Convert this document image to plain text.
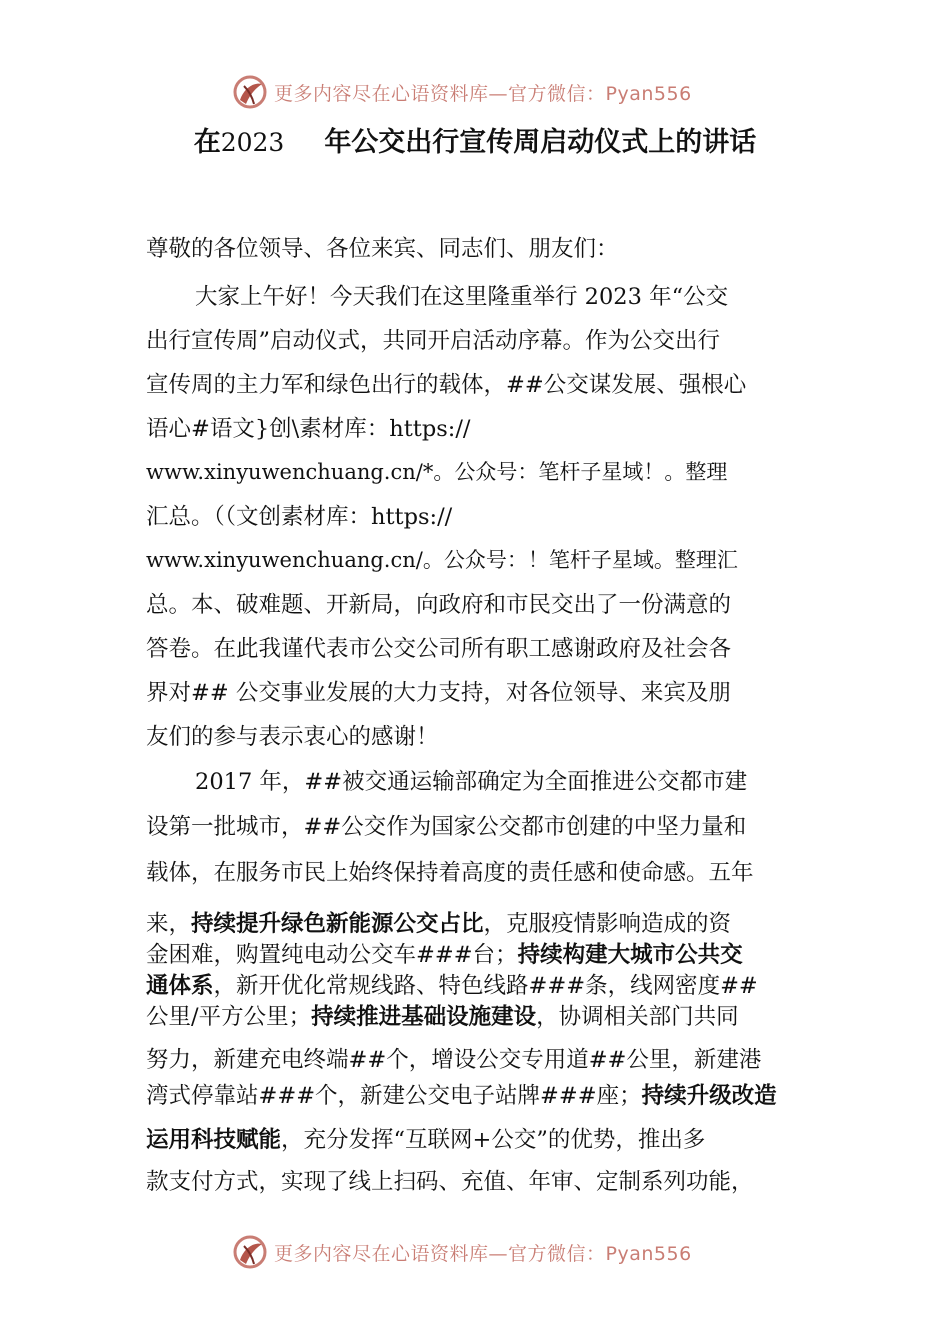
更多内容尽在心语资料库—官方微信：Pyan556
在2023 年公交出行宣传周启动仪式上的讲话

尊敬的各位领导、各位来宾、同志们、朋友们：

大家上午好！今天我们在这里隆重举行 2023 年“公交

出行宣传周”启动仪式，共同开启活动序幕。作为公交出行

宣传周的主力军和绿色出行的载体，##公交谋发展、强根心

语心#语文}创\素材库：https://

www.xinyuwenchuang.cn/*。公众号：笔杆子星域！。整理

汇总。（（文创素材库：https://

www.xinyuwenchuang.cn/。公众号：！笔杆子星域。整理汇

总。本、破难题、开新局，向政府和市民交出了一份满意的

答卷。在此我谨代表市公交公司所有职工感谢政府及社会各

界对## 公交事业发展的大力支持，对各位领导、来宾及朋

友们的参与表示衷心的感谢！

2017 年，##被交通运输部确定为全面推进公交都市建

设第一批城市，##公交作为国家公交都市创建的中坚力量和

载体，在服务市民上始终保持着高度的责任感和使命感。五年

来，持续提升绿色新能源公交占比，克服疫情影响造成的资

金困难，购置纯电动公交车###台；持续构建大城市公共交

通体系，新开优化常规线路、特色线路###条，线网密度##

公里/平方公里；持续推进基础设施建设，协调相关部门共同

努力，新建充电终端##个，增设公交专用道##公里，新建港

湾式停靠站###个，新建公交电子站牌###座；持续升级改造

运用科技赋能，充分发挥“互联网+公交”的优势，推出多

款支付方式，实现了线上扫码、充值、年审、定制系列功能，

更多内容尽在心语资料库—官方微信：Pyan556
